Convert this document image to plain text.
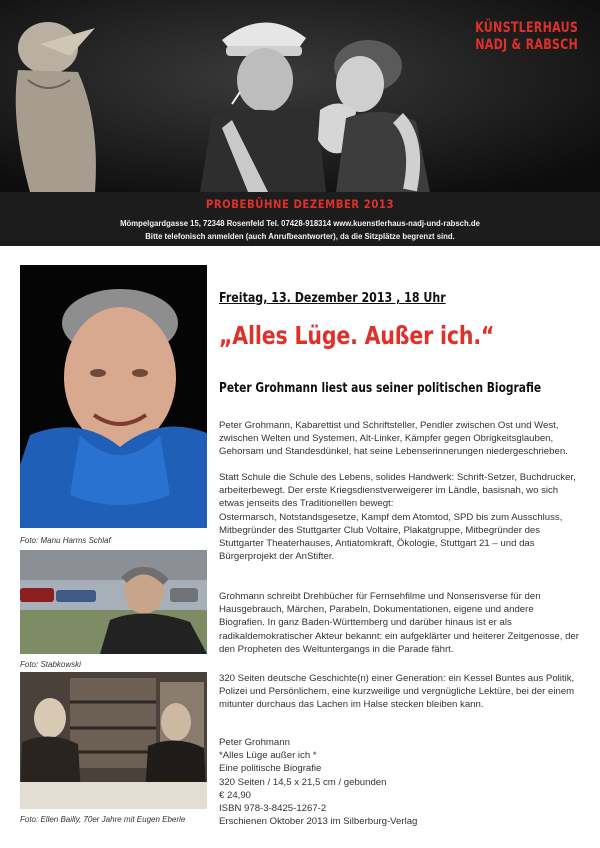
KÜNSTLERHAUS
NADJ & RABSCH
PROBEBÜHNE DEZEMBER 2013
Mömpelgardgasse 15, 72348 Rosenfeld Tel. 07428-918314 www.kuenstlerhaus-nadj-und-rabsch.de
Bitte telefonisch anmelden (auch Anrufbeantworter), da die Sitzplätze begrenzt sind.
Foto: Manu Harms Schlaf
Foto: Stabkowski
Foto: Ellen Bailly, 70er Jahre mit Eugen Eberle
Freitag, 13. Dezember 2013 , 18 Uhr
„Alles Lüge. Außer ich.“
Peter Grohmann liest aus seiner politischen Biografie

Peter Grohmann, Kabarettist und Schriftsteller, Pendler zwischen Ost und West, zwischen Welten und Systemen, Alt-Linker, Kämpfer gegen Obrigkeitsglauben, Gehorsam und Standesdünkel, hat seine Lebenserinnerungen niedergeschrieben.

Statt Schule die Schule des Lebens, solides Handwerk: Schrift-Setzer, Buchdrucker, arbeiterbewegt. Der erste Kriegsdienstverweigerer im Ländle, basisnah, wo sich etwas jenseits des Traditionellen bewegt:
Ostermarsch, Notstandsgesetze, Kampf dem Atomtod, SPD bis zum Ausschluss, Mitbegründer des Stuttgarter Club Voltaire, Plakatgruppe, Mitbegründer des Stuttgarter Theaterhauses, Antiatomkraft, Ökologie, Stuttgart 21 – und das Bürgerprojekt der AnStifter.

Grohmann schreibt Drehbücher für Fernsehfilme und Nonsensverse für den Hausgebrauch, Märchen, Parabeln, Dokumentationen, eigene und andere Biografien. In ganz Baden-Württemberg und darüber hinaus ist er als radikaldemokratischer Akteur bekannt: ein aufgeklärter und heiterer Zeitgenosse, der den Propheten des Weltuntergangs in die Parade fährt.

320 Seiten deutsche Geschichte(n) einer Generation: ein Kessel Buntes aus Politik, Polizei und Persönlichem, eine kurzweilige und vergnügliche Lektüre, bei der einem mitunter durchaus das Lachen im Halse stecken bleiben kann.

Peter Grohmann
*Alles Lüge außer ich *
Eine politische Biografie
320 Seiten / 14,5 x 21,5 cm / gebunden
€ 24,90
ISBN 978-3-8425-1267-2
Erschienen Oktober 2013 im Silberburg-Verlag
